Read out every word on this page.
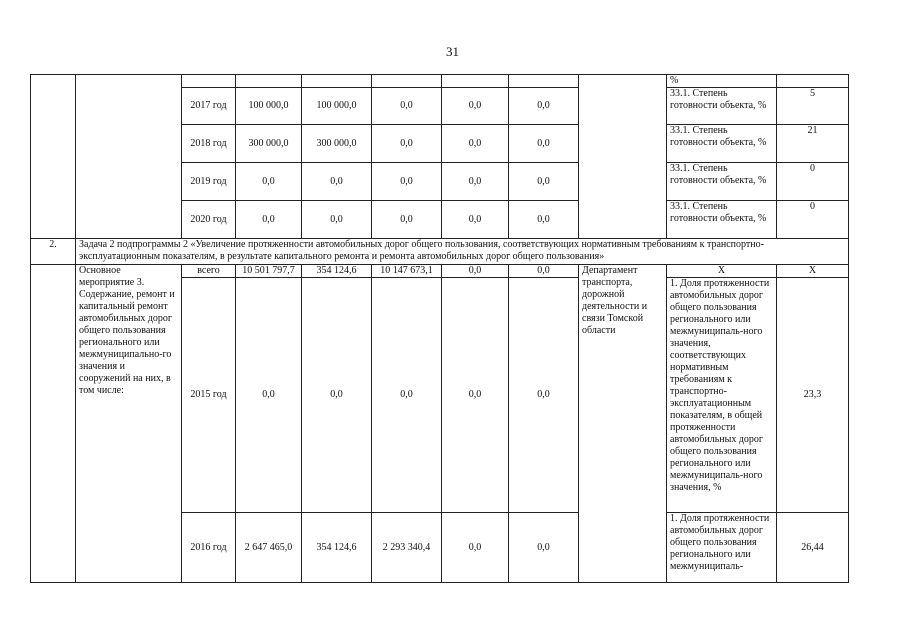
31
									%	
		2017 год	100 000,0	100 000,0	0,0	0,0	0,0		33.1. Степень готовности объекта, %	5
		2018 год	300 000,0	300 000,0	0,0	0,0	0,0		33.1. Степень готовности объекта, %	21
		2019 год	0,0	0,0	0,0	0,0	0,0		33.1. Степень готовности объекта, %	0
		2020 год	0,0	0,0	0,0	0,0	0,0		33.1. Степень готовности объекта, %	0
2.	Задача 2 подпрограммы 2 «Увеличение протяженности автомобильных дорог общего пользования, соответствующих нормативным требованиям к транспортно-эксплуатационным показателям, в результате капитального ремонта и ремонта автомобильных дорог общего пользования»									
	Основное мероприятие 3. Содержание, ремонт и капитальный ремонт автомобильных дорог общего пользования регионального или межмуниципально-го значения и сооружений на них, в том числе:	всего	10 501 797,7	354 124,6	10 147 673,1	0,0	0,0	Департамент транспорта, дорожной деятельности и связи Томской области	Х	Х
		2015 год	0,0	0,0	0,0	0,0	0,0		1. Доля протяженности автомобильных дорог общего пользования регионального или межмуниципаль-ного значения, соответствующих нормативным требованиям к транспортно-эксплуатационным показателям, в общей протяженности автомобильных дорог общего пользования регионального или межмуниципаль-ного значения, %	23,3
		2016 год	2 647 465,0	354 124,6	2 293 340,4	0,0	0,0		1. Доля протяженности автомобильных дорог общего пользования регионального или межмуниципаль-	26,44
